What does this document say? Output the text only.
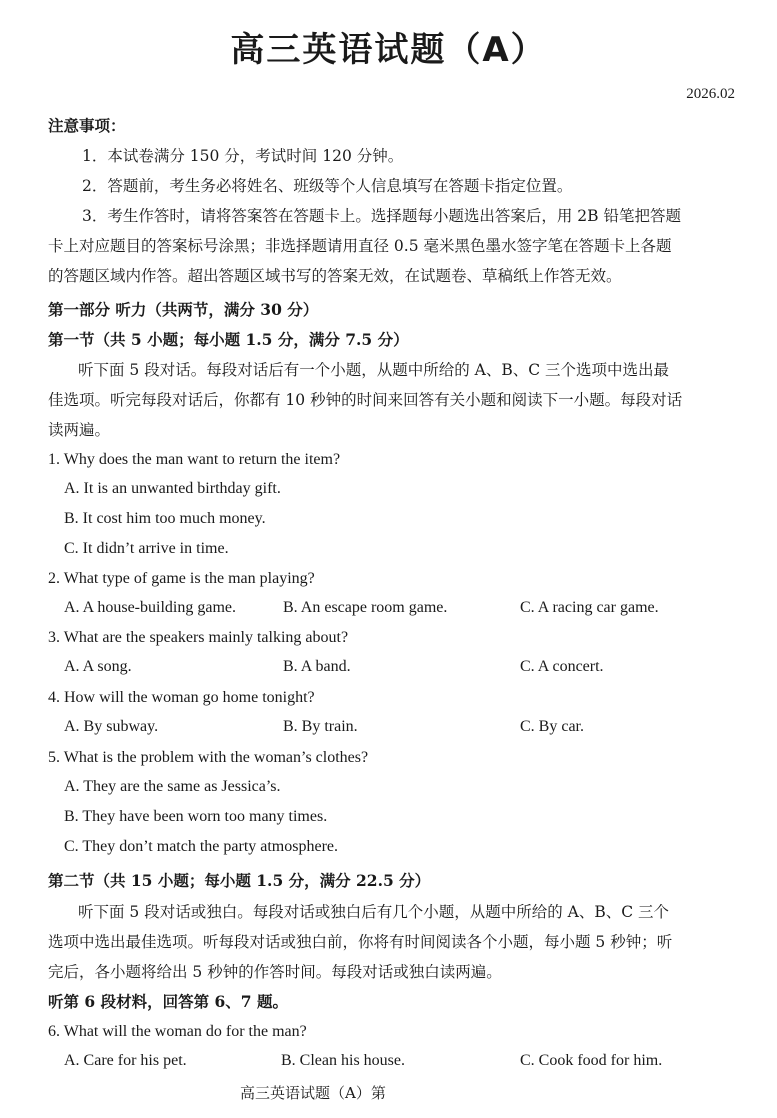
高三英语试题（A）
2026.02
注意事项：
1．本试卷满分 150 分，考试时间 120 分钟。
2．答题前，考生务必将姓名、班级等个人信息填写在答题卡指定位置。
3．考生作答时，请将答案答在答题卡上。选择题每小题选出答案后，用 2B 铅笔把答题
卡上对应题目的答案标号涂黑；非选择题请用直径 0.5 毫米黑色墨水签字笔在答题卡上各题
的答题区域内作答。超出答题区域书写的答案无效，在试题卷、草稿纸上作答无效。
第一部分 听力（共两节，满分 30 分）
第一节（共 5 小题；每小题 1.5 分，满分 7.5 分）
听下面 5 段对话。每段对话后有一个小题，从题中所给的 A、B、C 三个选项中选出最
佳选项。听完每段对话后，你都有 10 秒钟的时间来回答有关小题和阅读下一小题。每段对话
读两遍。
1. Why does the man want to return the item?
A. It is an unwanted birthday gift.
B. It cost him too much money.
C. It didn’t arrive in time.
2. What type of game is the man playing?
A. A house-building game.	B. An escape room game.	C. A racing car game.
3. What are the speakers mainly talking about?
A. A song.	B. A band.	C. A concert.
4. How will the woman go home tonight?
A. By subway.	B. By train.	C. By car.
5. What is the problem with the woman’s clothes?
A. They are the same as Jessica’s.
B. They have been worn too many times.
C. They don’t match the party atmosphere.
第二节（共 15 小题；每小题 1.5 分，满分 22.5 分）
听下面 5 段对话或独白。每段对话或独白后有几个小题，从题中所给的 A、B、C 三个
选项中选出最佳选项。听每段对话或独白前，你将有时间阅读各个小题，每小题 5 秒钟；听
完后，各小题将给出 5 秒钟的作答时间。每段对话或独白读两遍。
听第 6 段材料，回答第 6、7 题。
6. What will the woman do for the man?
A. Care for his pet.	B. Clean his house.	C. Cook food for him.
高三英语试题（A）第
